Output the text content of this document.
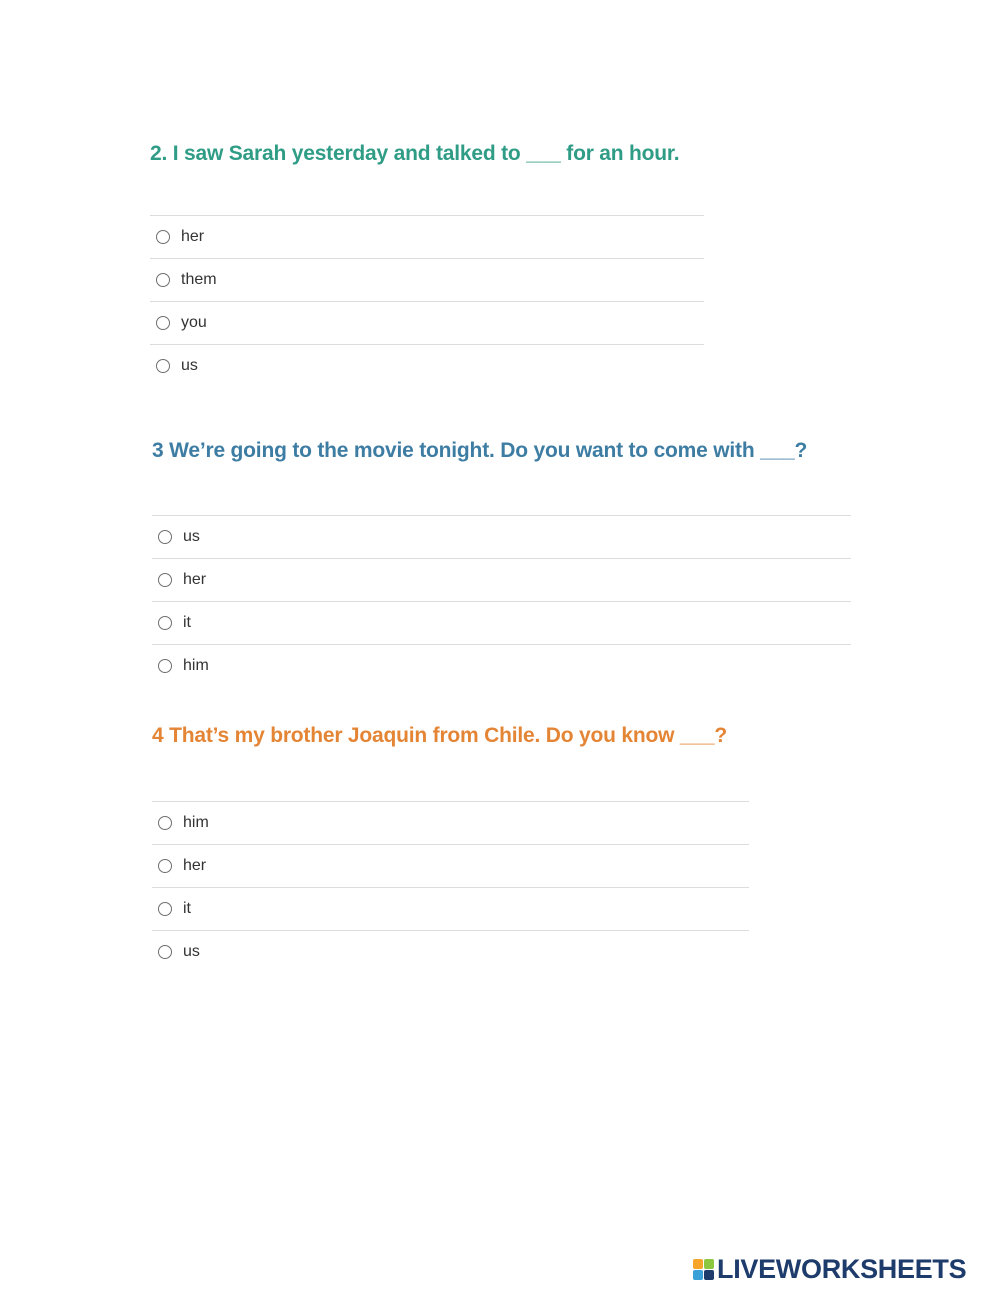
2. I saw Sarah yesterday and talked to ___ for an hour.
her
them
you
us
3 We’re going to the movie tonight. Do you want to come with ___?
us
her
it
him
4 That’s my brother Joaquin from Chile. Do you know ___?
him
her
it
us
LIVEWORKSHEETS
